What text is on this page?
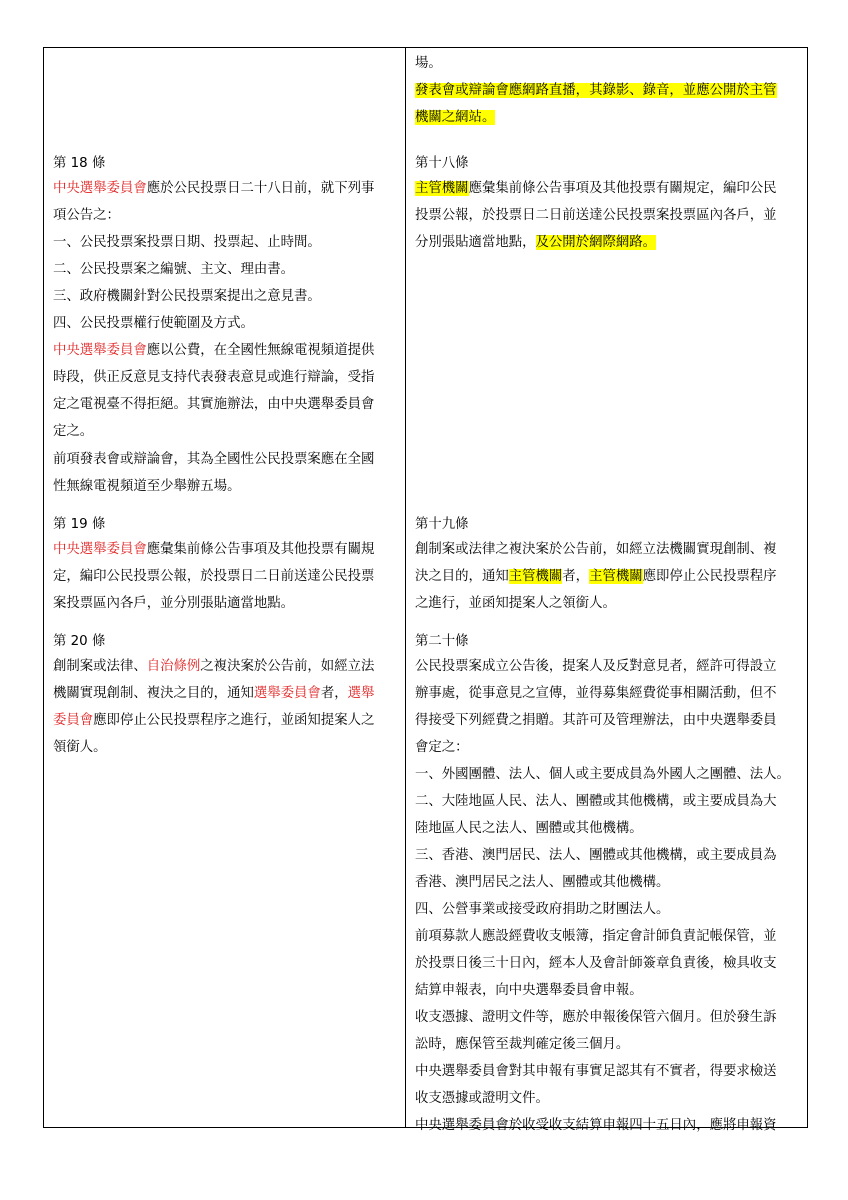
第 18 條
中央選舉委員會應於公民投票日二十八日前，就下列事
項公告之：
一、公民投票案投票日期、投票起、止時間。
二、公民投票案之編號、主文、理由書。
三、政府機關針對公民投票案提出之意見書。
四、公民投票權行使範圍及方式。
中央選舉委員會應以公費，在全國性無線電視頻道提供
時段，供正反意見支持代表發表意見或進行辯論，受指
定之電視臺不得拒絕。其實施辦法，由中央選舉委員會
定之。
前項發表會或辯論會，其為全國性公民投票案應在全國
性無線電視頻道至少舉辦五場。
第 19 條
中央選舉委員會應彙集前條公告事項及其他投票有關規
定，編印公民投票公報，於投票日二日前送達公民投票
案投票區內各戶，並分別張貼適當地點。
第 20 條
創制案或法律、自治條例之複決案於公告前，如經立法
機關實現創制、複決之目的，通知選舉委員會者，選舉
委員會應即停止公民投票程序之進行，並函知提案人之
領銜人。
場。
發表會或辯論會應網路直播，其錄影、錄音，並應公開於主管
機關之網站。
第十八條
主管機關應彙集前條公告事項及其他投票有關規定，編印公民
投票公報，於投票日二日前送達公民投票案投票區內各戶，並
分別張貼適當地點，及公開於網際網路。
第十九條
創制案或法律之複決案於公告前，如經立法機關實現創制、複
決之目的，通知主管機關者，主管機關應即停止公民投票程序
之進行，並函知提案人之領銜人。
第二十條
公民投票案成立公告後，提案人及反對意見者，經許可得設立
辦事處，從事意見之宣傳，並得募集經費從事相關活動，但不
得接受下列經費之捐贈。其許可及管理辦法，由中央選舉委員
會定之：
一、外國團體、法人、個人或主要成員為外國人之團體、法人。
二、大陸地區人民、法人、團體或其他機構，或主要成員為大
陸地區人民之法人、團體或其他機構。
三、香港、澳門居民、法人、團體或其他機構，或主要成員為
香港、澳門居民之法人、團體或其他機構。
四、公營事業或接受政府捐助之財團法人。
前項募款人應設經費收支帳簿，指定會計師負責記帳保管，並
於投票日後三十日內，經本人及會計師簽章負責後，檢具收支
結算申報表，向中央選舉委員會申報。
收支憑據、證明文件等，應於申報後保管六個月。但於發生訴
訟時，應保管至裁判確定後三個月。
中央選舉委員會對其申報有事實足認其有不實者，得要求檢送
收支憑據或證明文件。
中央選舉委員會於收受收支結算申報四十五日內，應將申報資
